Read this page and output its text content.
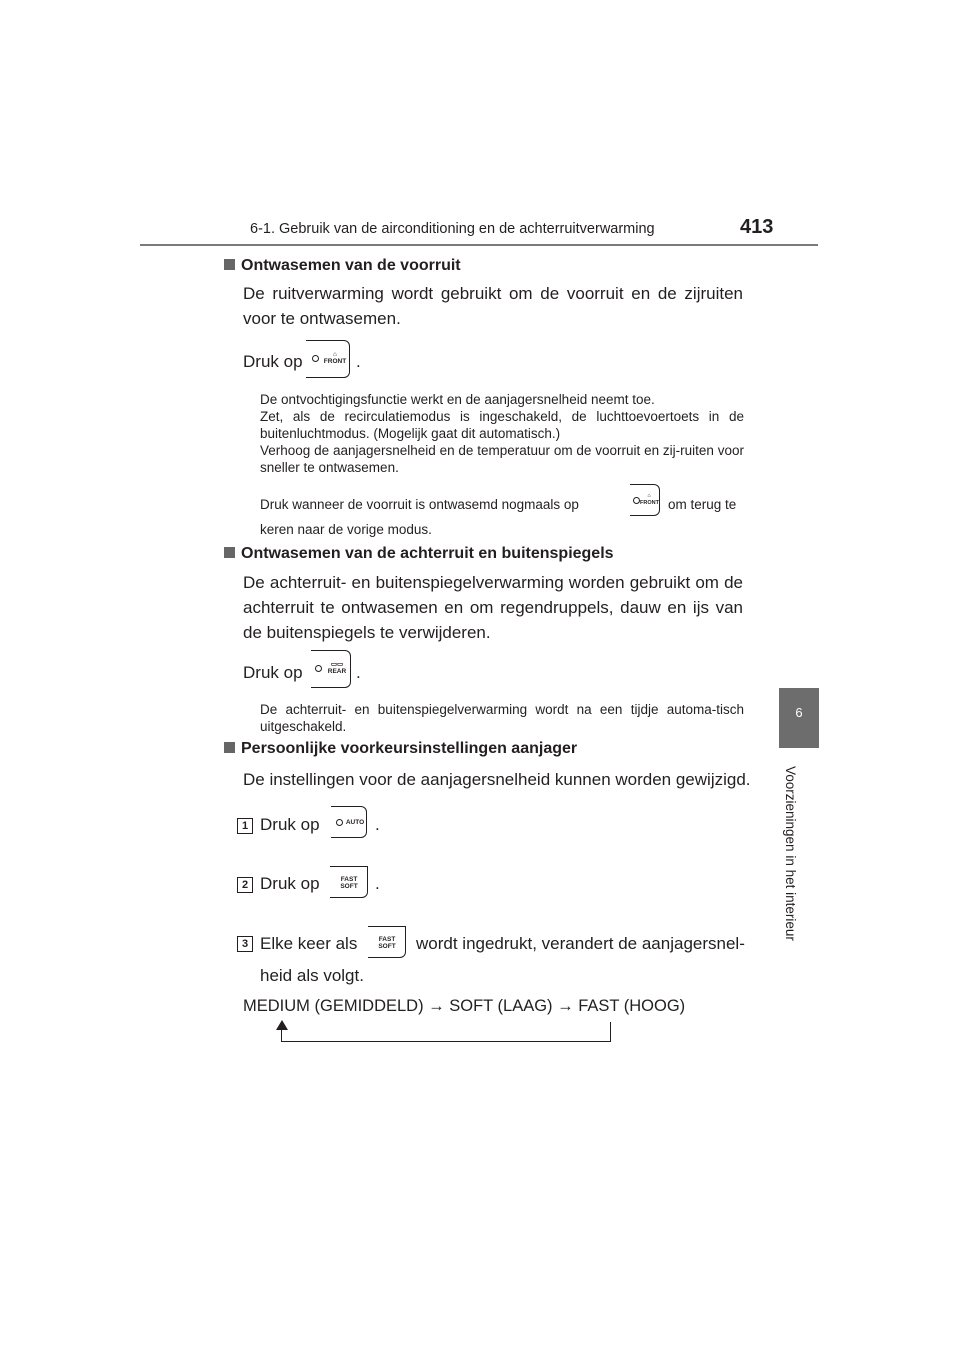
6-1. Gebruik van de airconditioning en de achterruitverwarming	413
6
Voorzieningen in het interieur
Ontwasemen van de voorruit
De ruitverwarming wordt gebruikt om de voorruit en de zijruiten voor te ontwasemen.
Druk op	⌂
FRONT .
De ontvochtigingsfunctie werkt en de aanjagersnelheid neemt toe.
Zet, als de recirculatiemodus is ingeschakeld, de luchttoevoertoets in de buitenluchtmodus. (Mogelijk gaat dit automatisch.)
Verhoog de aanjagersnelheid en de temperatuur om de voorruit en zij-ruiten voor sneller te ontwasemen.
Druk wanneer de voorruit is ontwasemd nogmaals op
⌂
FRONT om terug te
keren naar de vorige modus.
Ontwasemen van de achterruit en buitenspiegels
De achterruit- en buitenspiegelverwarming worden gebruikt om de achterruit te ontwasemen en om regendruppels, dauw en ijs van de buitenspiegels te verwijderen.
Druk op	▭▭
REAR .
De achterruit- en buitenspiegelverwarming wordt na een tijdje automa-tisch uitgeschakeld.
Persoonlijke voorkeursinstellingen aanjager
De instellingen voor de aanjagersnelheid kunnen worden gewijzigd.
1 Druk op	AUTO .
2 Druk op	FAST SOFT .
3 Elke keer als	FAST SOFT wordt ingedrukt, verandert de aanjagersnel-
heid als volgt.
MEDIUM (GEMIDDELD) → SOFT (LAAG) → FAST (HOOG)
